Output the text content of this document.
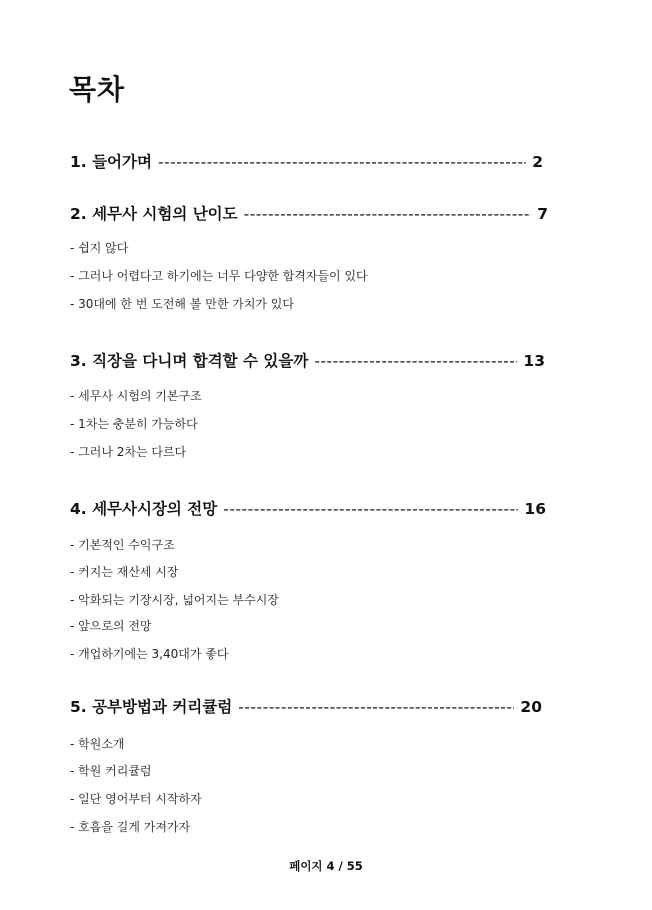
목차
1. 들어가며 -----	2
2. 세무사 시험의 난이도 -----	7
- 쉽지 않다
- 그러나 어렵다고 하기에는 너무 다양한 합격자들이 있다
- 30대에 한 번 도전해 볼 만한 가치가 있다
3. 직장을 다니며 합격할 수 있을까 -----	13
- 세무사 시험의 기본구조
- 1차는 충분히 가능하다
- 그러나 2차는 다르다
4. 세무사시장의 전망 -----	16
- 기본적인 수익구조
- 커지는 재산세 시장
- 악화되는 기장시장, 넓어지는 부수시장
- 앞으로의 전망
- 개업하기에는 3,40대가 좋다
5. 공부방법과 커리큘럼 -----	20
- 학원소개
- 학원 커리큘럼
- 일단 영어부터 시작하자
- 호흡을 길게 가져가자
페이지 4 / 55
